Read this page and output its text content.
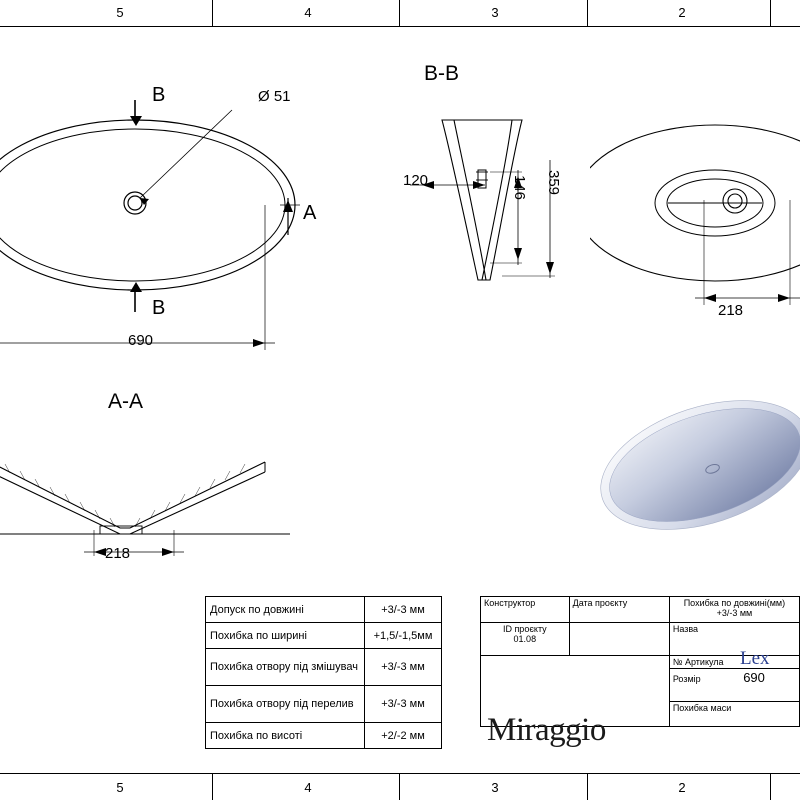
5	4	3	2
5	4	3	2
B
B
A
Ø 51
690
B-B
120	146 359
218
A-A
218
Допуск по довжині	+3/-3 мм
Похибка по ширині	+1,5/-1,5мм
Похибка отвору під змішувач	+3/-3 мм
Похибка отвору під перелив	+3/-3 мм
Похибка по висоті	+2/-2 мм
Конструктор	Дата проєкту	Похибка по довжині(мм)
+3/-3 мм
ID проєкту
01.08		Назва
		№ Артикула
		Розмір 690
		Похибка маси
Miraggio
Lex
